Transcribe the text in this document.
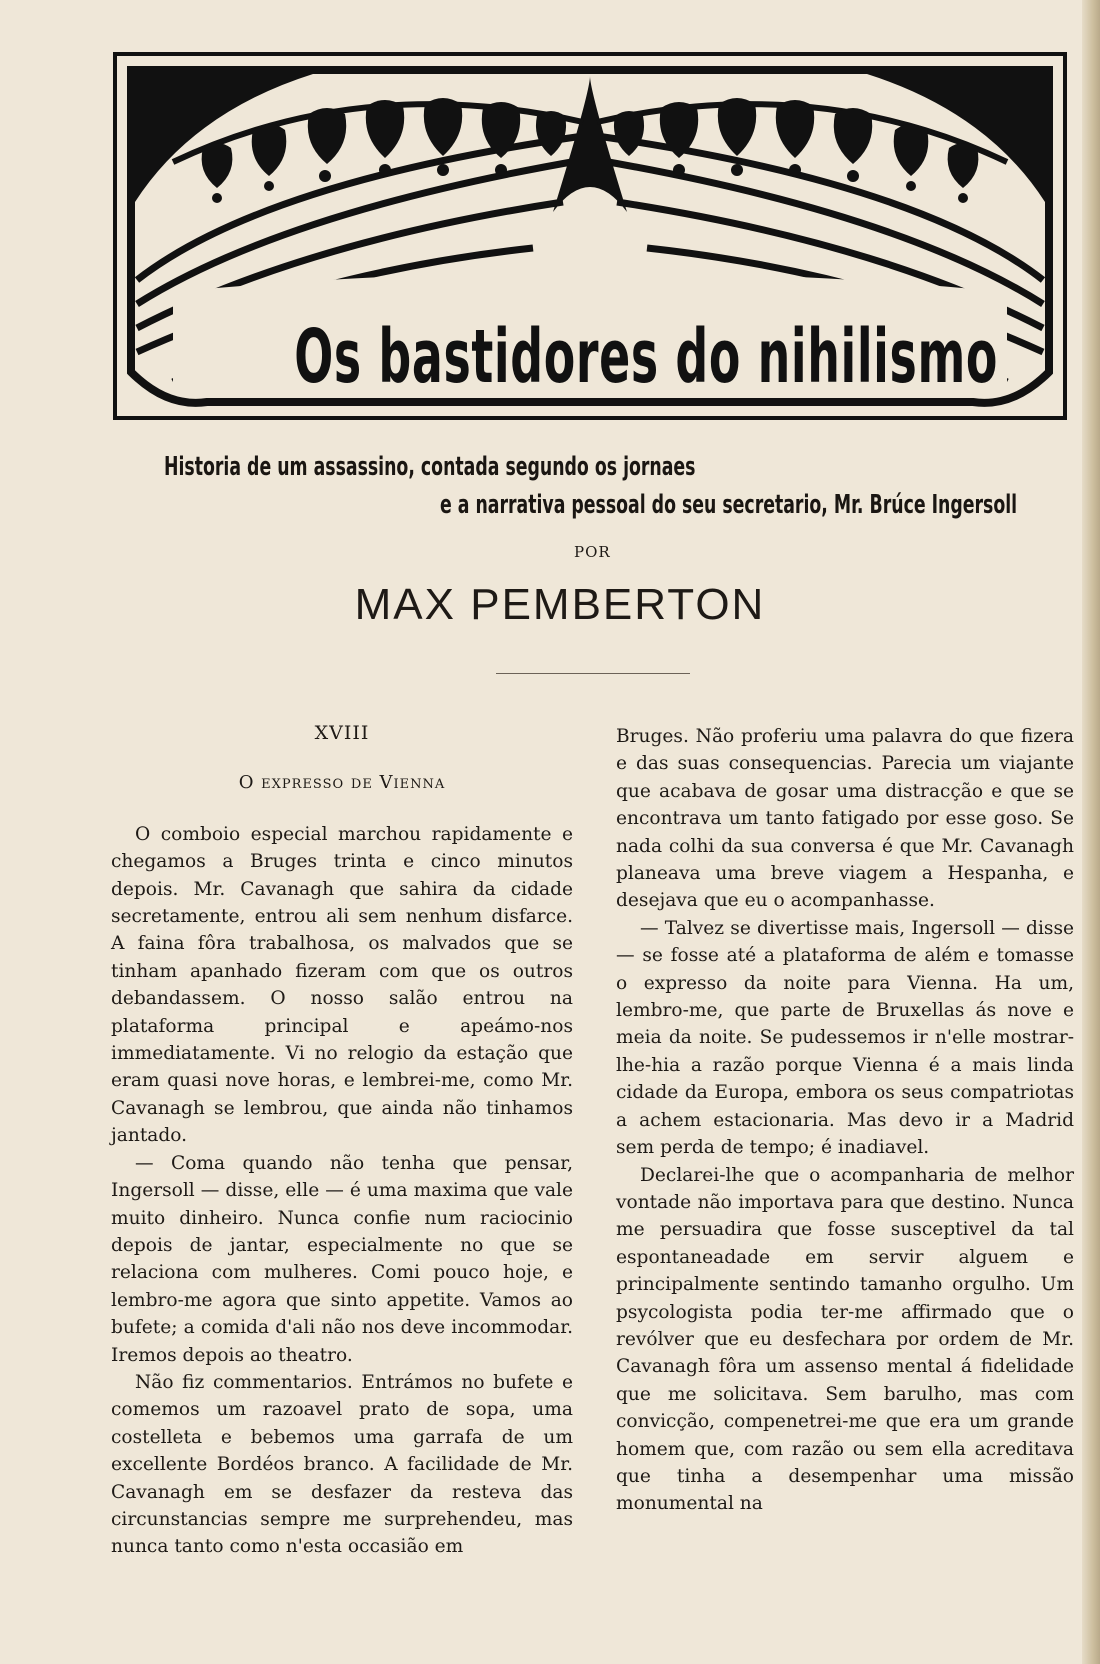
Os bastidores do nihilismo
Historia de um assassino, contada segundo os jornaes
e a narrativa pessoal do seu secretario, Mr. Brúce Ingersoll
POR
MAX PEMBERTON
XVIII
O expresso de Vienna

O comboio especial marchou rapidamente e chegamos a Bruges trinta e cinco minutos depois. Mr. Cavanagh que sahira da cidade secretamente, entrou ali sem nenhum disfarce. A faina fôra trabalhosa, os malvados que se tinham apanhado fizeram com que os outros debandassem. O nosso salão entrou na plataforma principal e apeámo-nos immediatamente. Vi no relogio da estação que eram quasi nove horas, e lembrei-me, como Mr. Cavanagh se lembrou, que ainda não tinhamos jantado.

— Coma quando não tenha que pensar, Ingersoll — disse, elle — é uma maxima que vale muito dinheiro. Nunca confie num raciocinio depois de jantar, especialmente no que se relaciona com mulheres. Comi pouco hoje, e lembro-me agora que sinto appetite. Vamos ao bufete; a comida d'ali não nos deve incommodar. Iremos depois ao theatro.

Não fiz commentarios. Entrámos no bufete e comemos um razoavel prato de sopa, uma costelleta e bebemos uma garrafa de um excellente Bordéos branco. A facilidade de Mr. Cavanagh em se desfazer da resteva das circunstancias sempre me surprehendeu, mas nunca tanto como n'esta occasião em

Bruges. Não proferiu uma palavra do que fizera e das suas consequencias. Parecia um viajante que acabava de gosar uma distracção e que se encontrava um tanto fatigado por esse goso. Se nada colhi da sua conversa é que Mr. Cavanagh planeava uma breve viagem a Hespanha, e desejava que eu o acompanhasse.

— Talvez se divertisse mais, Ingersoll — disse — se fosse até a plataforma de além e tomasse o expresso da noite para Vienna. Ha um, lembro-me, que parte de Bruxellas ás nove e meia da noite. Se pudessemos ir n'elle mostrar-lhe-hia a razão porque Vienna é a mais linda cidade da Europa, embora os seus compatriotas a achem estacionaria. Mas devo ir a Madrid sem perda de tempo; é inadiavel.

Declarei-lhe que o acompanharia de melhor vontade não importava para que destino. Nunca me persuadira que fosse susceptivel da tal espontaneadade em servir alguem e principalmente sentindo tamanho orgulho. Um psycologista podia ter-me affirmado que o revólver que eu desfechara por ordem de Mr. Cavanagh fôra um assenso mental á fidelidade que me solicitava. Sem barulho, mas com convicção, compenetrei-me que era um grande homem que, com razão ou sem ella acreditava que tinha a desempenhar uma missão monumental na
